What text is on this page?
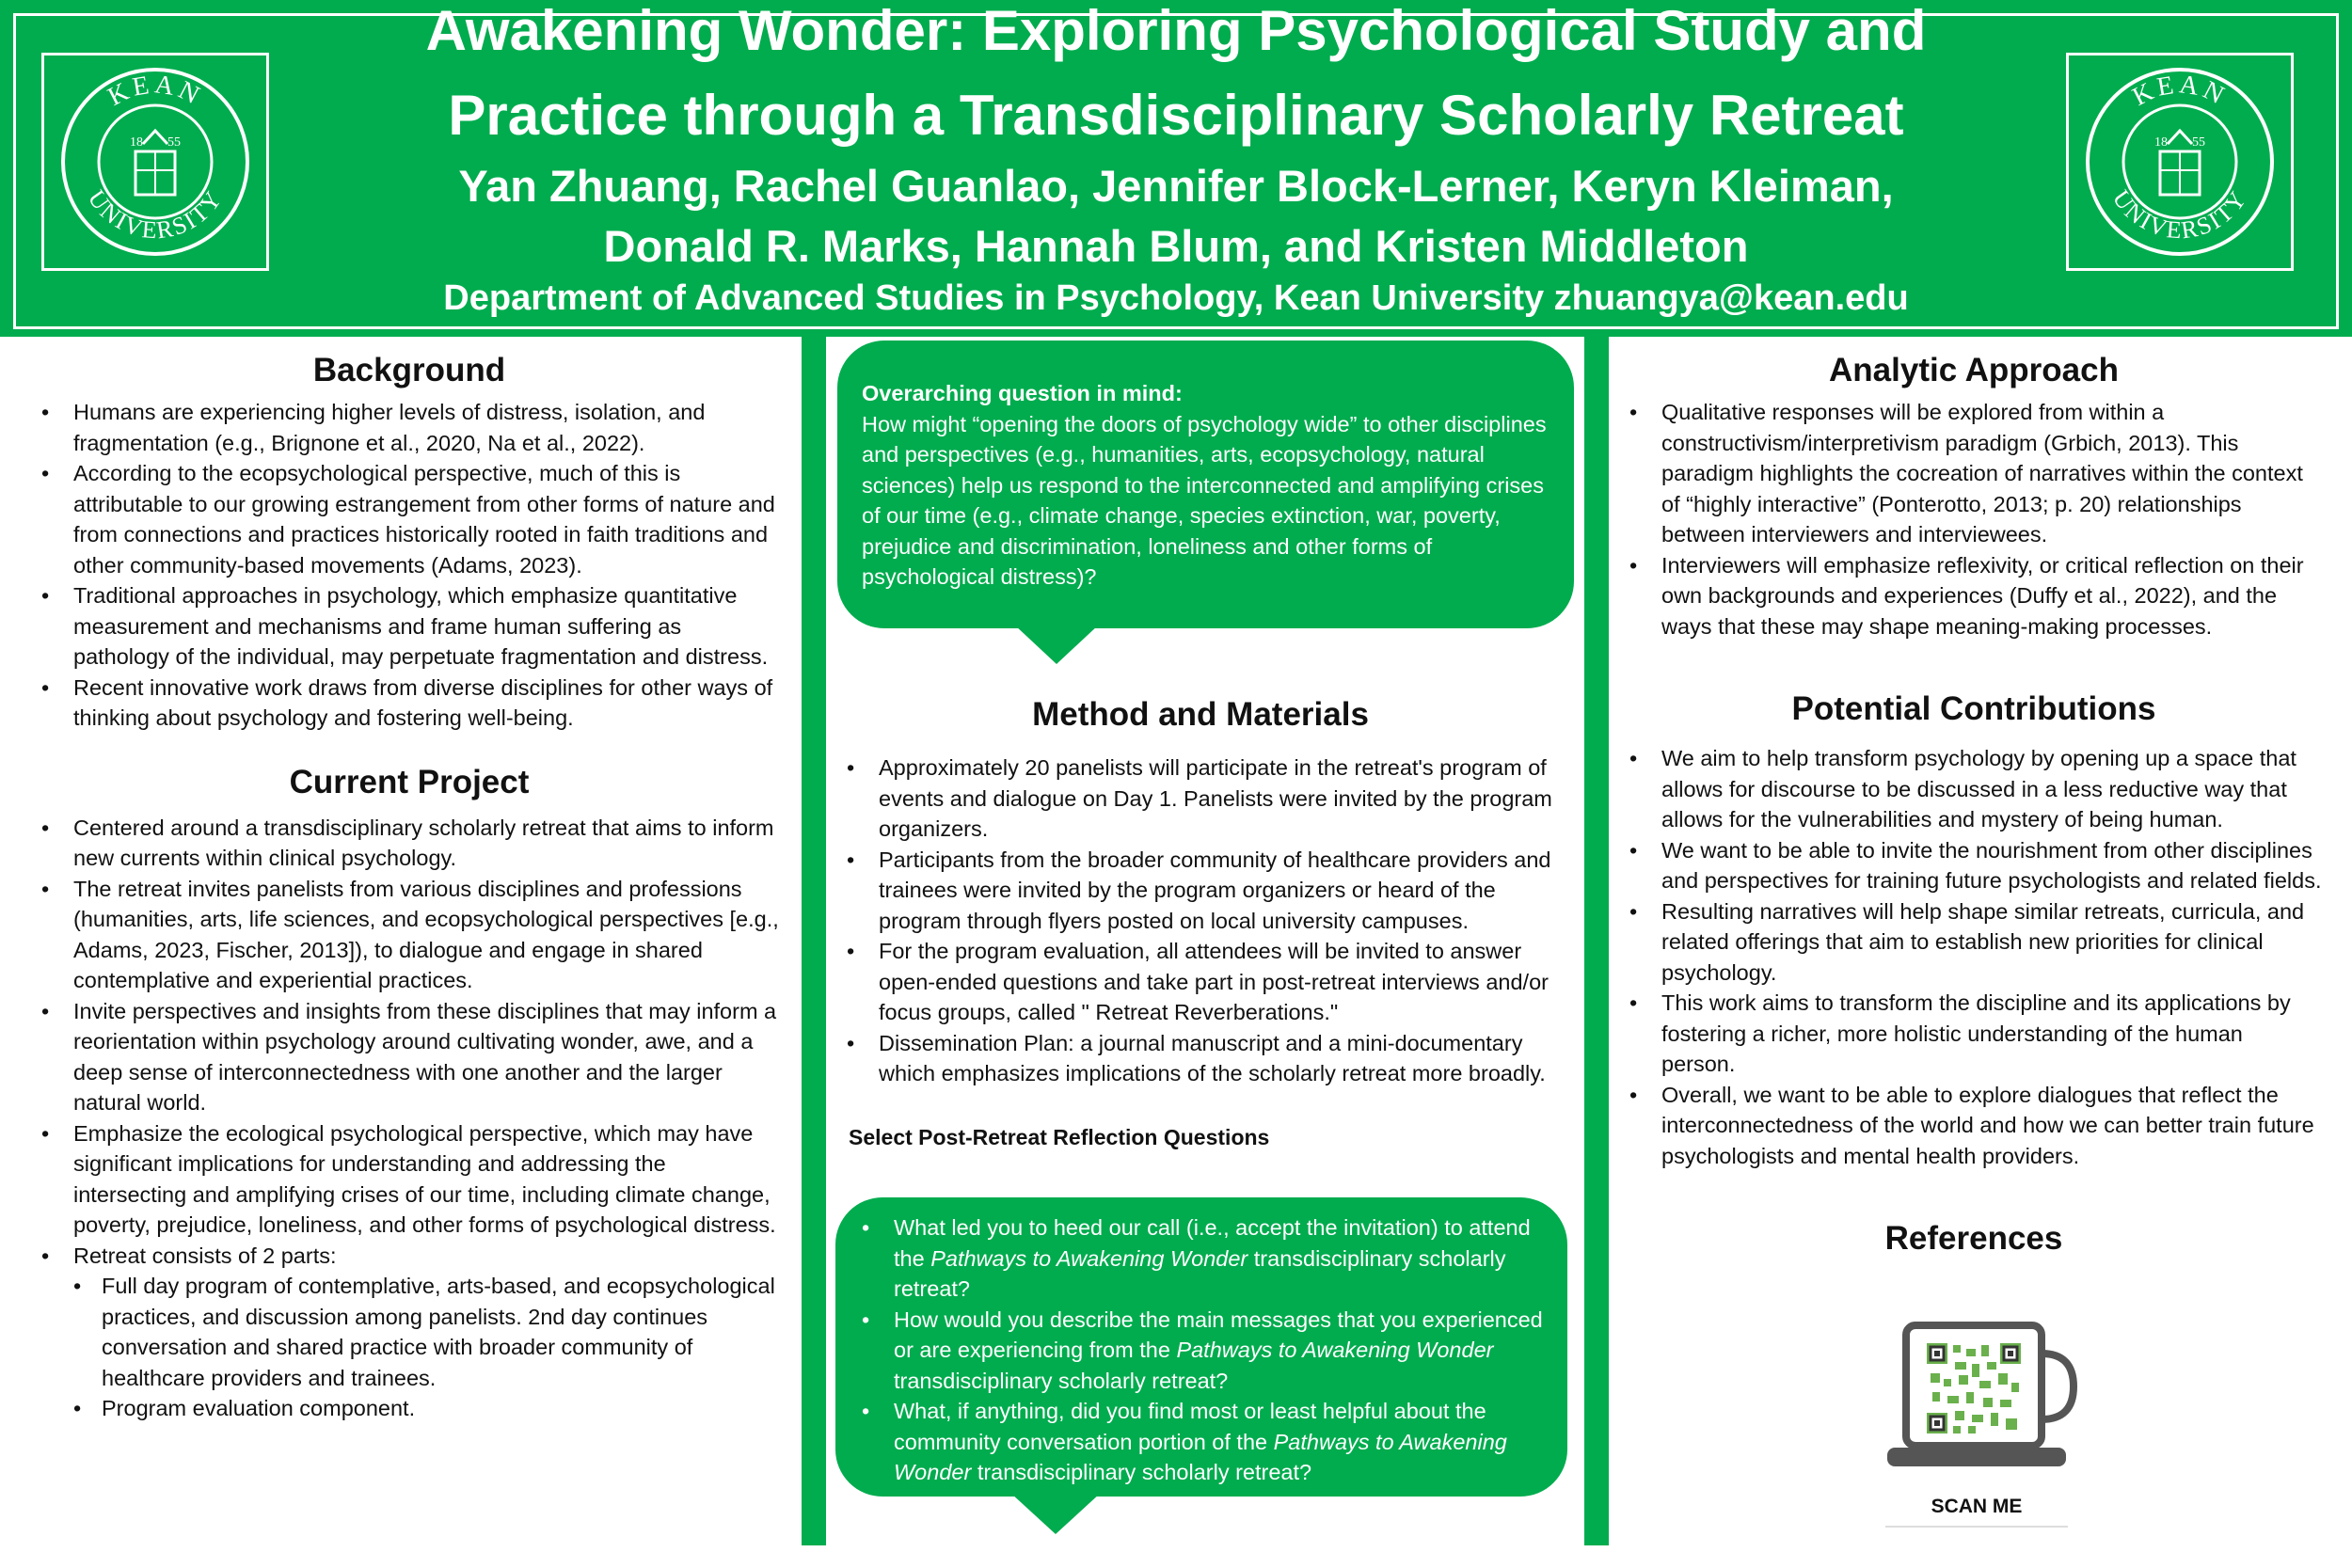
KEAN
UNIVERSITY
18 55
KEAN
UNIVERSITY
18 55
Awakening Wonder: Exploring Psychological Study and
Practice through a Transdisciplinary Scholarly Retreat
Yan Zhuang, Rachel Guanlao, Jennifer Block-Lerner, Keryn Kleiman,
Donald R. Marks, Hannah Blum, and Kristen Middleton
Department of Advanced Studies in Psychology, Kean University zhuangya@kean.edu
Background
• Humans are experiencing higher levels of distress, isolation, and fragmentation (e.g., Brignone et al., 2020, Na et al., 2022).
• According to the ecopsychological perspective, much of this is attributable to our growing estrangement from other forms of nature and from connections and practices historically rooted in faith traditions and other community-based movements (Adams, 2023).
• Traditional approaches in psychology, which emphasize quantitative measurement and mechanisms and frame human suffering as pathology of the individual, may perpetuate fragmentation and distress.
• Recent innovative work draws from diverse disciplines for other ways of thinking about psychology and fostering well-being.
Current Project
• Centered around a transdisciplinary scholarly retreat that aims to inform new currents within clinical psychology.
• The retreat invites panelists from various disciplines and professions (humanities, arts, life sciences, and ecopsychological perspectives [e.g., Adams, 2023, Fischer, 2013]), to dialogue and engage in shared contemplative and experiential practices.
• Invite perspectives and insights from these disciplines that may inform a reorientation within psychology around cultivating wonder, awe, and a deep sense of interconnectedness with one another and the larger natural world.
• Emphasize the ecological psychological perspective, which may have significant implications for understanding and addressing the intersecting and amplifying crises of our time, including climate change, poverty, prejudice, loneliness, and other forms of psychological distress.
• Retreat consists of 2 parts:
• Full day program of contemplative, arts-based, and ecopsychological practices, and discussion among panelists. 2nd day continues conversation and shared practice with broader community of healthcare providers and trainees.
• Program evaluation component.
Overarching question in mind:
How might “opening the doors of psychology wide” to other disciplines and perspectives (e.g., humanities, arts, ecopsychology, natural sciences) help us respond to the interconnected and amplifying crises of our time (e.g., climate change, species extinction, war, poverty, prejudice and discrimination, loneliness and other forms of psychological distress)?
Method and Materials
• Approximately 20 panelists will participate in the retreat's program of events and dialogue on Day 1. Panelists were invited by the program organizers.
• Participants from the broader community of healthcare providers and trainees were invited by the program organizers or heard of the program through flyers posted on local university campuses.
• For the program evaluation, all attendees will be invited to answer open-ended questions and take part in post-retreat interviews and/or focus groups, called " Retreat Reverberations."
• Dissemination Plan: a journal manuscript and a mini-documentary which emphasizes implications of the scholarly retreat more broadly.
Select Post-Retreat Reflection Questions
• What led you to heed our call (i.e., accept the invitation) to attend the Pathways to Awakening Wonder transdisciplinary scholarly retreat?
• How would you describe the main messages that you experienced or are experiencing from the Pathways to Awakening Wonder transdisciplinary scholarly retreat?
• What, if anything, did you find most or least helpful about the community conversation portion of the Pathways to Awakening Wonder transdisciplinary scholarly retreat?
Analytic Approach
• Qualitative responses will be explored from within a constructivism/interpretivism paradigm (Grbich, 2013). This paradigm highlights the cocreation of narratives within the context of “highly interactive” (Ponterotto, 2013; p. 20) relationships between interviewers and interviewees.
• Interviewers will emphasize reflexivity, or critical reflection on their own backgrounds and experiences (Duffy et al., 2022), and the ways that these may shape meaning-making processes.
Potential Contributions
• We aim to help transform psychology by opening up a space that allows for discourse to be discussed in a less reductive way that allows for the vulnerabilities and mystery of being human.
• We want to be able to invite the nourishment from other disciplines and perspectives for training future psychologists and related fields.
• Resulting narratives will help shape similar retreats, curricula, and related offerings that aim to establish new priorities for clinical psychology.
• This work aims to transform the discipline and its applications by fostering a richer, more holistic understanding of the human person.
• Overall, we want to be able to explore dialogues that reflect the interconnectedness of the world and how we can better train future psychologists and mental health providers.
References
SCAN ME
